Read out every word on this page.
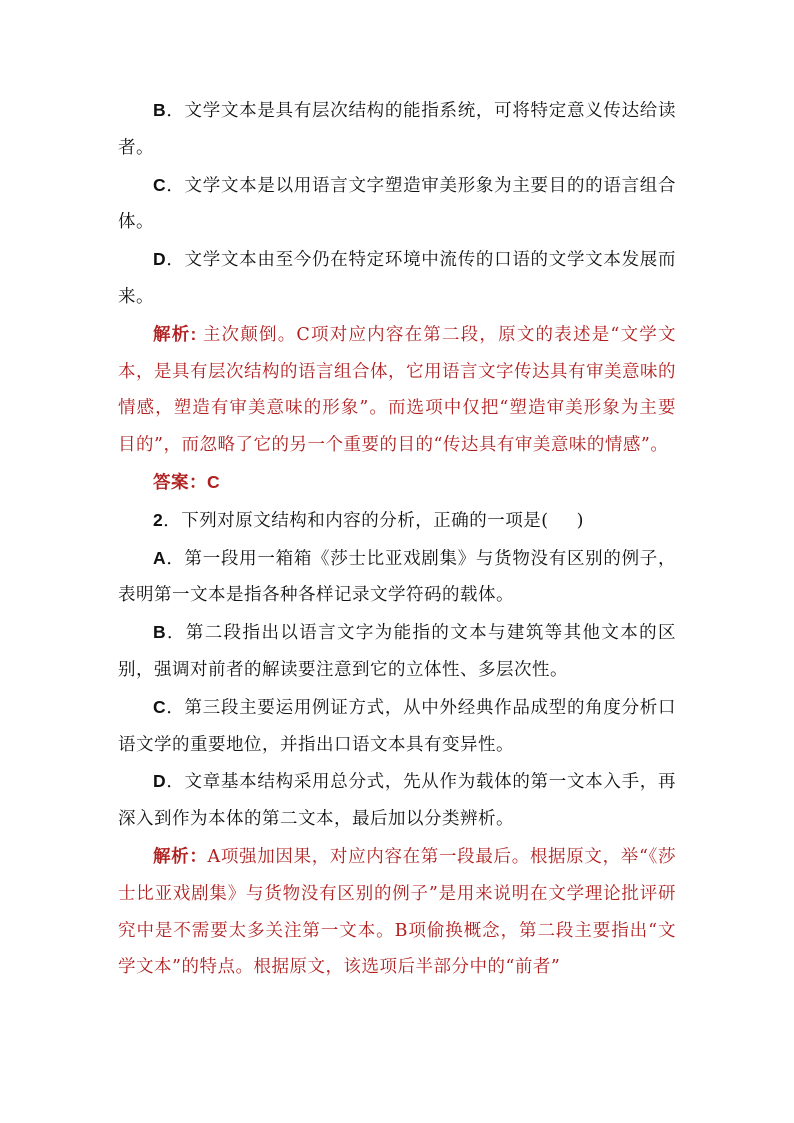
B．文学文本是具有层次结构的能指系统，可将特定意义传达给读者。

C．文学文本是以用语言文字塑造审美形象为主要目的的语言组合体。

D．文学文本由至今仍在特定环境中流传的口语的文学文本发展而来。

解析: 主次颠倒。C项对应内容在第二段，原文的表述是“文学文本，是具有层次结构的语言组合体，它用语言文字传达具有审美意味的情感，塑造有审美意味的形象”。而选项中仅把“塑造审美形象为主要目的”，而忽略了它的另一个重要的目的“传达具有审美意味的情感”。

答案：C

2．下列对原文结构和内容的分析，正确的一项是( )

A．第一段用一箱箱《莎士比亚戏剧集》与货物没有区别的例子，表明第一文本是指各种各样记录文学符码的载体。

B．第二段指出以语言文字为能指的文本与建筑等其他文本的区别，强调对前者的解读要注意到它的立体性、多层次性。

C．第三段主要运用例证方式，从中外经典作品成型的角度分析口语文学的重要地位，并指出口语文本具有变异性。

D．文章基本结构采用总分式，先从作为载体的第一文本入手，再深入到作为本体的第二文本，最后加以分类辨析。

解析：A项强加因果，对应内容在第一段最后。根据原文，举“《莎士比亚戏剧集》与货物没有区别的例子”是用来说明在文学理论批评研究中是不需要太多关注第一文本。B项偷换概念，第二段主要指出“文学文本”的特点。根据原文，该选项后半部分中的“前者”
